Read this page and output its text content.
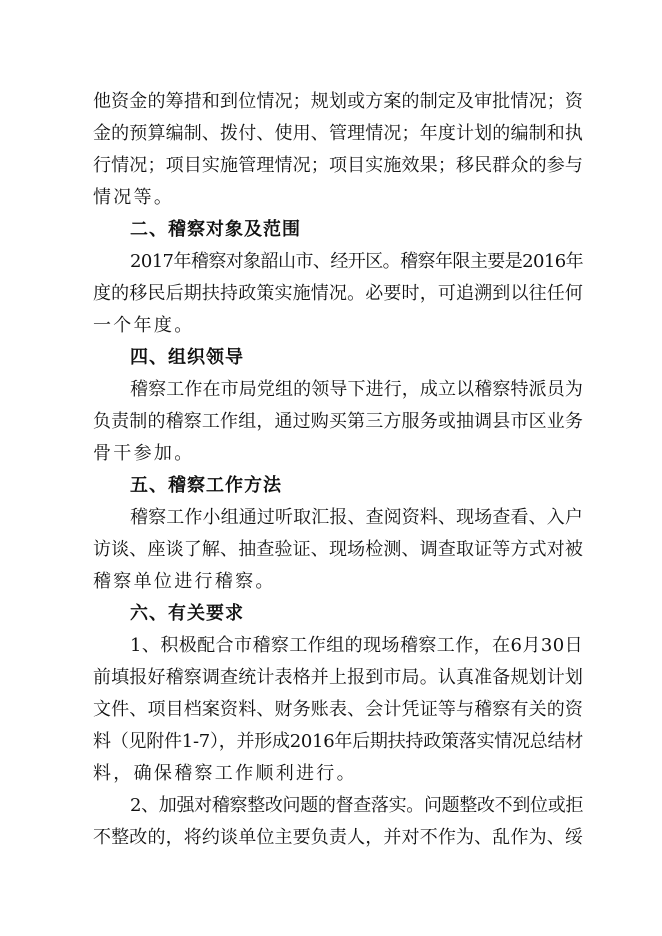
他资金的筹措和到位情况；规划或方案的制定及审批情况；资
金的预算编制、拨付、使用、管理情况；年度计划的编制和执
行情况；项目实施管理情况；项目实施效果；移民群众的参与
情况等。
二、稽察对象及范围
2017年稽察对象韶山市、经开区。稽察年限主要是2016年
度的移民后期扶持政策实施情况。必要时，可追溯到以往任何
一个年度。
四、组织领导
稽察工作在市局党组的领导下进行，成立以稽察特派员为
负责制的稽察工作组，通过购买第三方服务或抽调县市区业务
骨干参加。
五、稽察工作方法
稽察工作小组通过听取汇报、查阅资料、现场查看、入户
访谈、座谈了解、抽查验证、现场检测、调查取证等方式对被
稽察单位进行稽察。
六、有关要求
1、积极配合市稽察工作组的现场稽察工作，在6月30日
前填报好稽察调查统计表格并上报到市局。认真准备规划计划
文件、项目档案资料、财务账表、会计凭证等与稽察有关的资
料（见附件1-7），并形成2016年后期扶持政策落实情况总结材
料，确保稽察工作顺利进行。
2、加强对稽察整改问题的督查落实。问题整改不到位或拒
不整改的，将约谈单位主要负责人，并对不作为、乱作为、绥
